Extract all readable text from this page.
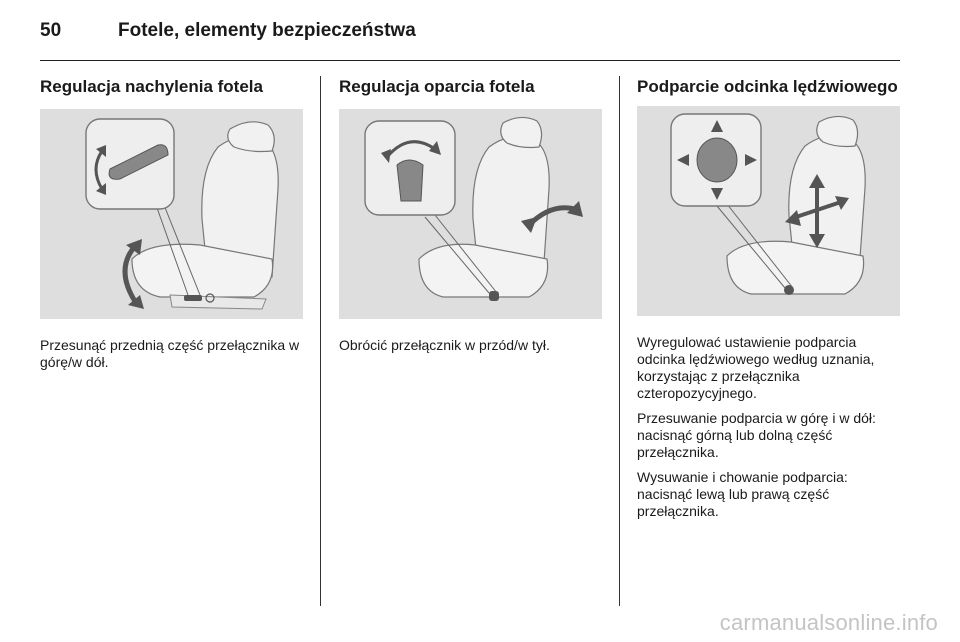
50	Fotele, elementy bezpieczeństwa
Regulacja nachylenia fotela

Przesunąć przednią część przełącznika w górę/w dół.

Regulacja oparcia fotela

Obrócić przełącznik w przód/w tył.

Podparcie odcinka lędźwiowego

Wyregulować ustawienie podparcia odcinka lędźwiowego według uznania, korzystając z przełącznika czteropozycyjnego.

Przesuwanie podparcia w górę i w dół: nacisnąć górną lub dolną część przełącznika.

Wysuwanie i chowanie podparcia: nacisnąć lewą lub prawą część przełącznika.

carmanualsonline.info
